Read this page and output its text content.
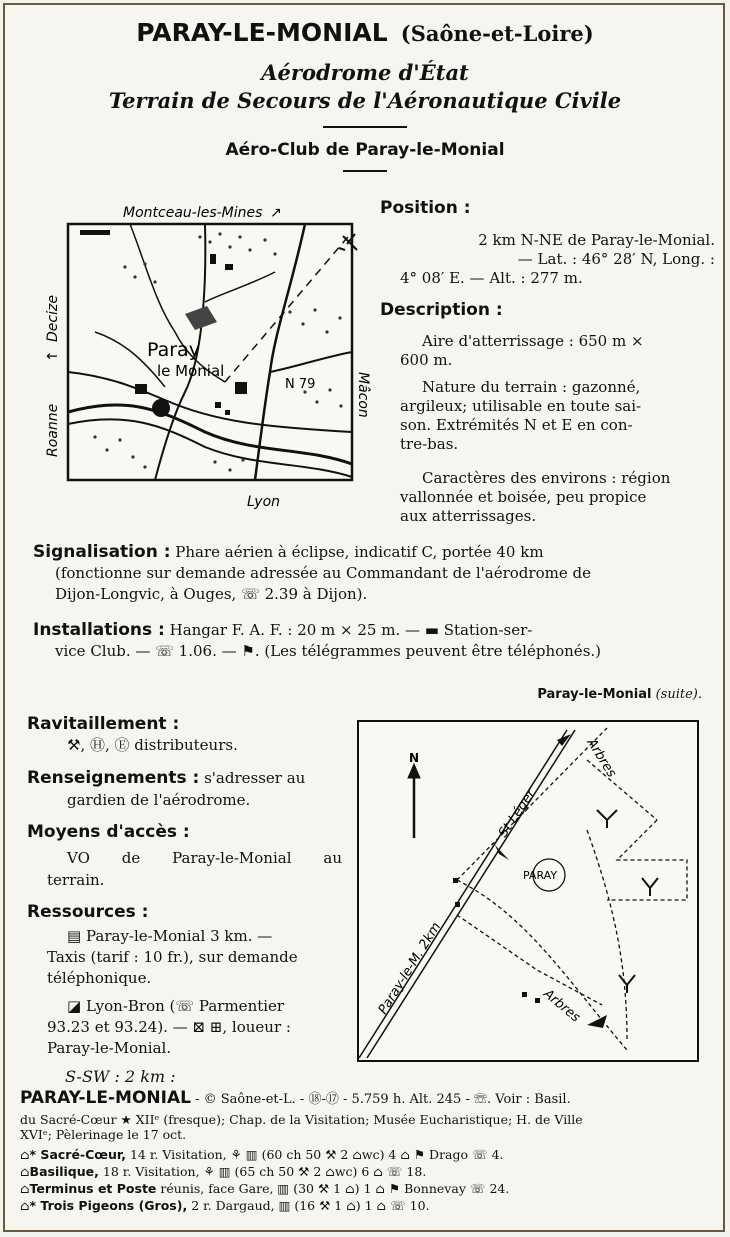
PARAY-LE-MONIAL (Saône-et-Loire)
Aérodrome d'État
Terrain de Secours de l'Aéronautique Civile
Aéro-Club de Paray-le-Monial
Montceau-les-Mines ↗
Decize
↑
Roanne
Mâcon
Lyon
Paray
le Monial
N 79
Position :
2 km N-NE de Paray-le-Monial.
— Lat. : 46° 28′ N, Long. :
4° 08′ E. — Alt. : 277 m.
Description :
Aire d'atterrissage : 650 m ×
600 m.
Nature du terrain : gazonné,
argileux; utilisable en toute sai-
son. Extrémités N et E en con-
tre-bas.
Caractères des environs : région
vallonnée et boisée, peu propice
aux atterrissages.
Signalisation : Phare aérien à éclipse, indicatif C, portée 40 km
(fonctionne sur demande adressée au Commandant de l'aérodrome de
Dijon-Longvic, à Ouges, ☏ 2.39 à Dijon).
Installations : Hangar F. A. F. : 20 m × 25 m. — ▬ Station-ser-
vice Club. — ☏ 1.06. — ⚑. (Les télégrammes peuvent être téléphonés.)
Paray-le-Monial (suite).
Ravitaillement :
⚒, Ⓗ, Ⓔ distributeurs.
Renseignements : s'adresser au
gardien de l'aérodrome.
Moyens d'accès :
VO de Paray-le-Monial au
terrain.
Ressources :
▤ Paray-le-Monial 3 km. —
Taxis (tarif : 10 fr.), sur demande
téléphonique.
◪ Lyon-Bron (☏ Parmentier
93.23 et 93.24). — ⊠ ⊞, loueur :
Paray-le-Monial.
S-SW : 2 km :
N
PARAY
St Léger
Paray-le-M. 2km
Arbres
Arbres
PARAY-LE-MONIAL - © Saône-et-L. - ⑱-⑰ - 5.759 h. Alt. 245 - ☏. Voir : Basil.
du Sacré-Cœur ★ XIIᵉ (fresque); Chap. de la Visitation; Musée Eucharistique; H. de Ville
XVIᵉ; Pèlerinage le 17 oct.
⌂* Sacré-Cœur, 14 r. Visitation, ⚘ ▥ (60 ch 50 ⚒ 2 ⌂wc) 4 ⌂ ⚑ Drago ☏ 4.
⌂Basilique, 18 r. Visitation, ⚘ ▥ (65 ch 50 ⚒ 2 ⌂wc) 6 ⌂ ☏ 18.
⌂Terminus et Poste réunis, face Gare, ▥ (30 ⚒ 1 ⌂) 1 ⌂ ⚑ Bonnevay ☏ 24.
⌂* Trois Pigeons (Gros), 2 r. Dargaud, ▥ (16 ⚒ 1 ⌂) 1 ⌂ ☏ 10.
